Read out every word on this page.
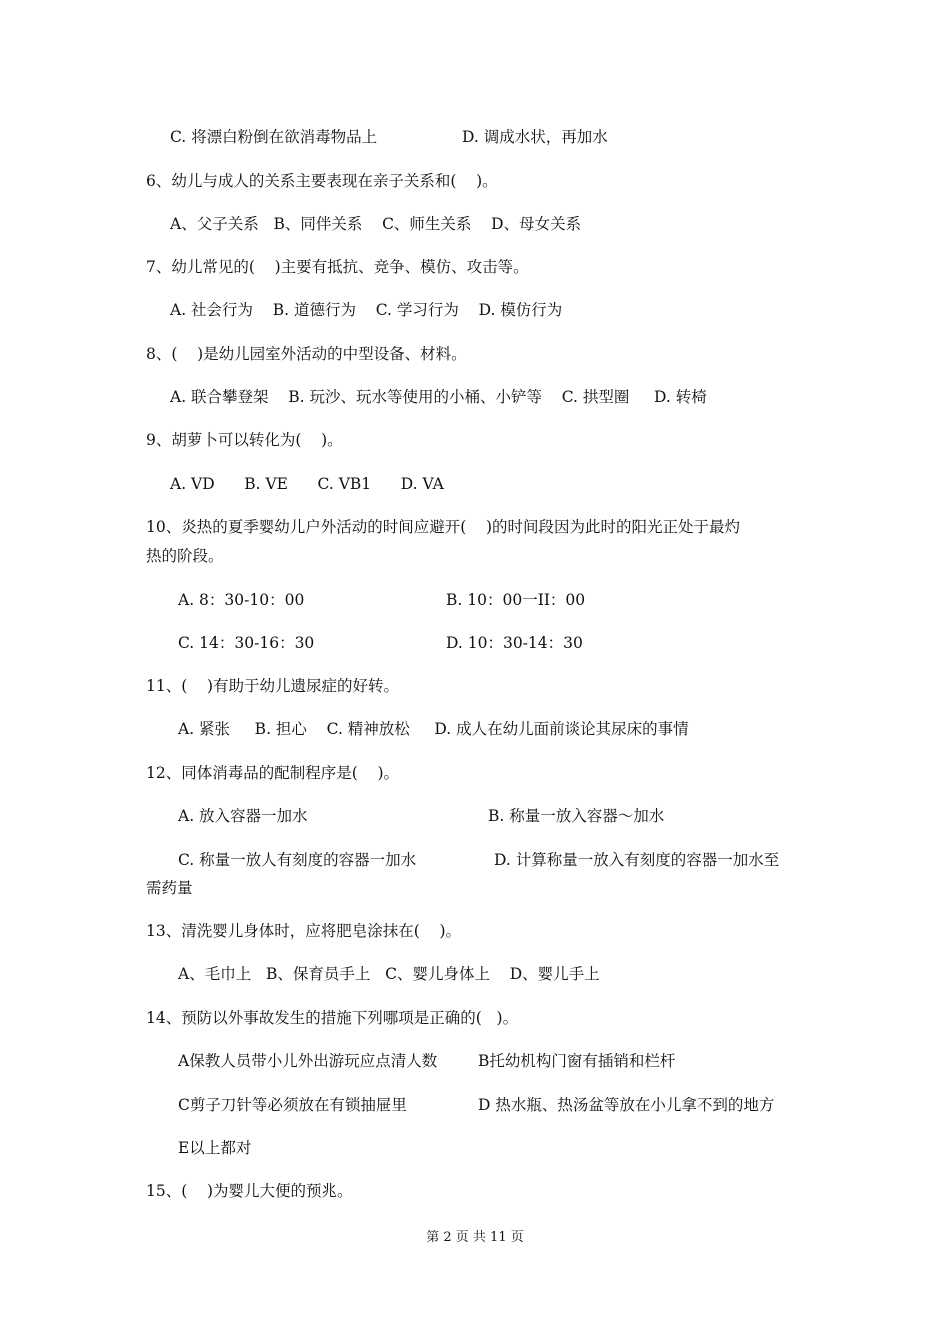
C. 将漂白粉倒在欲消毒物品上	D. 调成水状，再加水
6、幼儿与成人的关系主要表现在亲子关系和(    )。
A、父子关系   B、同伴关系    C、师生关系    D、母女关系
7、幼儿常见的(    )主要有抵抗、竞争、模仿、攻击等。
A. 社会行为    B. 道德行为    C. 学习行为    D. 模仿行为
8、(    )是幼儿园室外活动的中型设备、材料。
A. 联合攀登架    B. 玩沙、玩水等使用的小桶、小铲等    C. 拱型圈     D. 转椅
9、胡萝卜可以转化为(    )。
A. VD      B. VE      C. VB1      D. VA
10、炎热的夏季婴幼儿户外活动的时间应避开(    )的时间段因为此时的阳光正处于最灼
热的阶段。
A. 8：30-10：00	B. 10：00一II：00
C. 14：30-16：30	D. 10：30-14：30
11、(    )有助于幼儿遗尿症的好转。
A. 紧张     B. 担心    C. 精神放松     D. 成人在幼儿面前谈论其尿床的事情
12、同体消毒品的配制程序是(    )。
A. 放入容器一加水	B. 称量一放入容器～加水
C. 称量一放人有刻度的容器一加水	D. 计算称量一放入有刻度的容器一加水至
需药量
13、清洗婴儿身体时，应将肥皂涂抹在(    )。
A、毛巾上   B、保育员手上   C、婴儿身体上    D、婴儿手上
14、预防以外事故发生的措施下列哪项是正确的(   )。
A保教人员带小儿外出游玩应点清人数	B托幼机构门窗有插销和栏杆
C剪子刀针等必须放在有锁抽屉里	D 热水瓶、热汤盆等放在小儿拿不到的地方
E以上都对
15、(    )为婴儿大便的预兆。
第 2 页 共 11 页
